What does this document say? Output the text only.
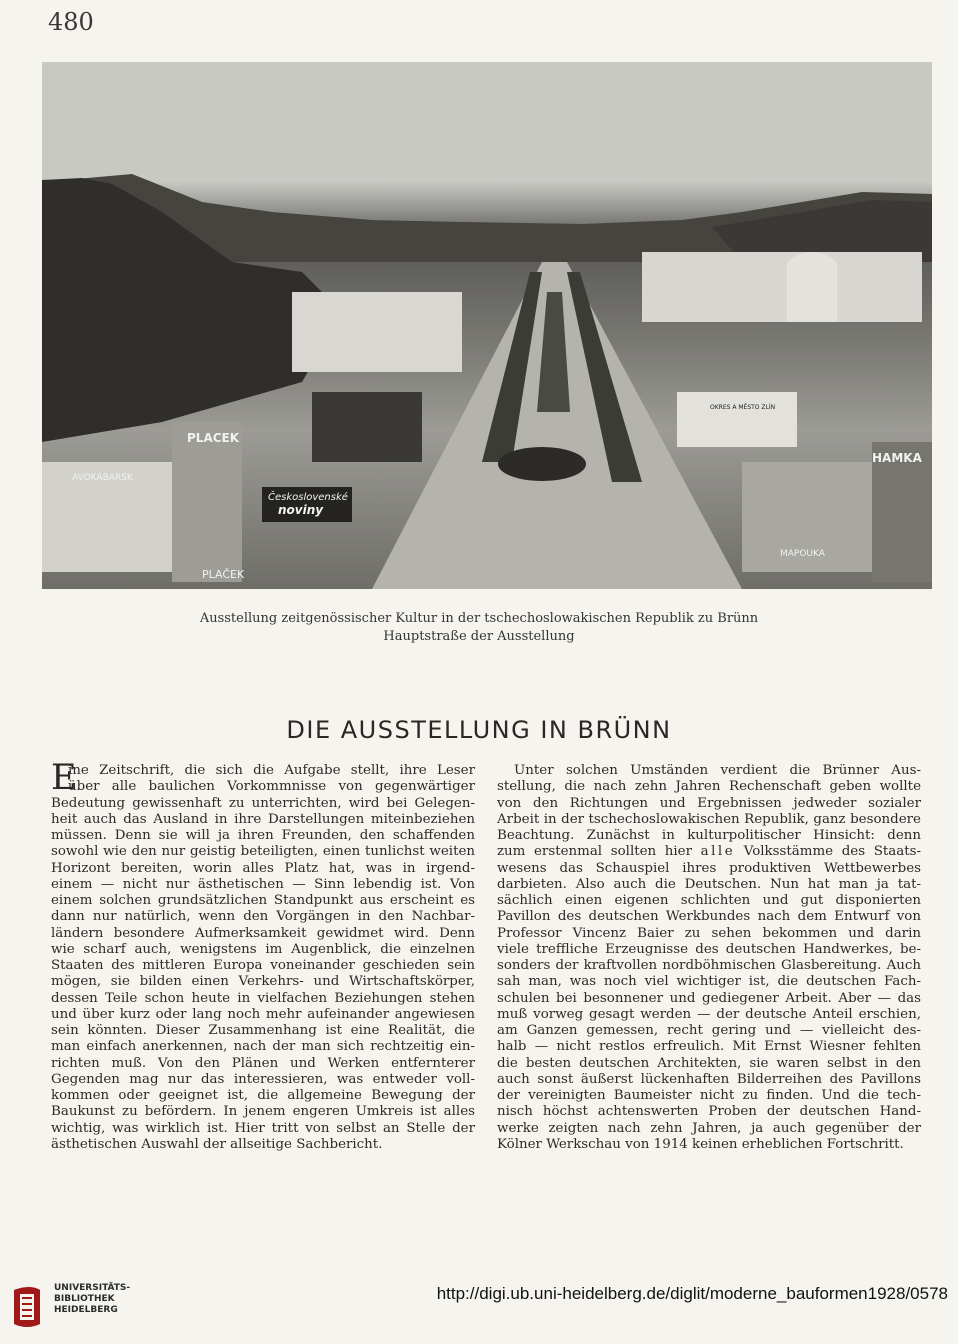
480
PLACEK
AVOKÁBARSK
Československé
noviny
PLAČEK
OKRES A MĚSTO ZLÍN
HAMKA
MAPOUKA
Ausstellung zeitgenössischer Kultur in der tschechoslowakischen Republik zu Brünn
Hauptstraße der Ausstellung
DIE AUSSTELLUNG IN BRÜNN
E
ine Zeitschrift, die sich die Aufgabe stellt, ihre Leser
über alle baulichen Vorkommnisse von gegenwärtiger
Bedeutung gewissenhaft zu unterrichten, wird bei Gelegen-
heit auch das Ausland in ihre Darstellungen miteinbeziehen
müssen. Denn sie will ja ihren Freunden, den schaffenden
sowohl wie den nur geistig beteiligten, einen tunlichst weiten
Horizont bereiten, worin alles Platz hat, was in irgend-
einem — nicht nur ästhetischen — Sinn lebendig ist. Von
einem solchen grundsätzlichen Standpunkt aus erscheint es
dann nur natürlich, wenn den Vorgängen in den Nachbar-
ländern besondere Aufmerksamkeit gewidmet wird. Denn
wie scharf auch, wenigstens im Augenblick, die einzelnen
Staaten des mittleren Europa voneinander geschieden sein
mögen, sie bilden einen Verkehrs- und Wirtschaftskörper,
dessen Teile schon heute in vielfachen Beziehungen stehen
und über kurz oder lang noch mehr aufeinander angewiesen
sein könnten. Dieser Zusammenhang ist eine Realität, die
man einfach anerkennen, nach der man sich rechtzeitig ein-
richten muß. Von den Plänen und Werken entfernterer
Gegenden mag nur das interessieren, was entweder voll-
kommen oder geeignet ist, die allgemeine Bewegung der
Baukunst zu befördern. In jenem engeren Umkreis ist alles
wichtig, was wirklich ist. Hier tritt von selbst an Stelle der
ästhetischen Auswahl der allseitige Sachbericht.
Unter solchen Umständen verdient die Brünner Aus-
stellung, die nach zehn Jahren Rechenschaft geben wollte
von den Richtungen und Ergebnissen jedweder sozialer
Arbeit in der tschechoslowakischen Republik, ganz besondere
Beachtung. Zunächst in kulturpolitischer Hinsicht: denn
zum erstenmal sollten hier alle Volksstämme des Staats-
wesens das Schauspiel ihres produktiven Wettbewerbes
darbieten. Also auch die Deutschen. Nun hat man ja tat-
sächlich einen eigenen schlichten und gut disponierten
Pavillon des deutschen Werkbundes nach dem Entwurf von
Professor Vincenz Baier zu sehen bekommen und darin
viele treffliche Erzeugnisse des deutschen Handwerkes, be-
sonders der kraftvollen nordböhmischen Glasbereitung. Auch
sah man, was noch viel wichtiger ist, die deutschen Fach-
schulen bei besonnener und gediegener Arbeit. Aber — das
muß vorweg gesagt werden — der deutsche Anteil erschien,
am Ganzen gemessen, recht gering und — vielleicht des-
halb — nicht restlos erfreulich. Mit Ernst Wiesner fehlten
die besten deutschen Architekten, sie waren selbst in den
auch sonst äußerst lückenhaften Bilderreihen des Pavillons
der vereinigten Baumeister nicht zu finden. Und die tech-
nisch höchst achtenswerten Proben der deutschen Hand-
werke zeigten nach zehn Jahren, ja auch gegenüber der
Kölner Werkschau von 1914 keinen erheblichen Fortschritt.
UNIVERSITÄTS-
BIBLIOTHEK
HEIDELBERG
http://digi.ub.uni-heidelberg.de/diglit/moderne_bauformen1928/0578
